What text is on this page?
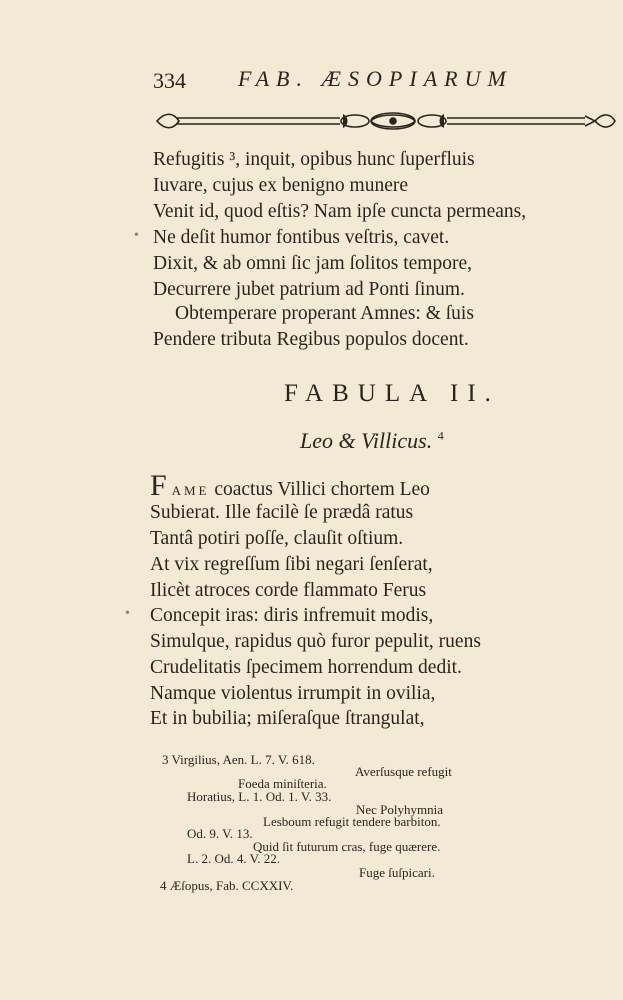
334 FAB. ÆSOPIARUM
Refugitis ³, inquit, opibus hunc ſuperfluis
Iuvare, cujus ex benigno munere
Venit id, quod eſtis? Nam ipſe cuncta permeans,
• Ne deſit humor fontibus veſtris, cavet.
Dixit, & ab omni ſic jam ſolitos tempore,
Decurrere jubet patrium ad Ponti ſinum.
Obtemperare properant Amnes: & ſuis
Pendere tributa Regibus populos docent.
FABULA II.
Leo & Villicus. $^4$
F AME coactus Villici chortem Leo
Subierat. Ille facilè ſe prædâ ratus
Tantâ potiri poſſe, clauſit oſtium.
At vix regreſſum ſibi negari ſenſerat,
Ilicèt atroces corde flammato Ferus
• Concepit iras: diris infremuit modis,
Simulque, rapidus quò furor pepulit, ruens
Crudelitatis ſpecimem horrendum dedit.
Namque violentus irrumpit in ovilia,
Et in bubilia; miſeraſque ſtrangulat,
3 Virgilius, Aen. L. 7. V. 618.
Averſusque refugit
Foeda miniſteria.
Horatius, L. 1. Od. 1. V. 33.
Nec Polyhymnia
Lesboum refugit tendere barbiton.
Od. 9. V. 13.
Quid ſit futurum cras, fuge quærere.
L. 2. Od. 4. V. 22.
Fuge ſuſpicari.
4 Æſopus, Fab. CCXXIV.
